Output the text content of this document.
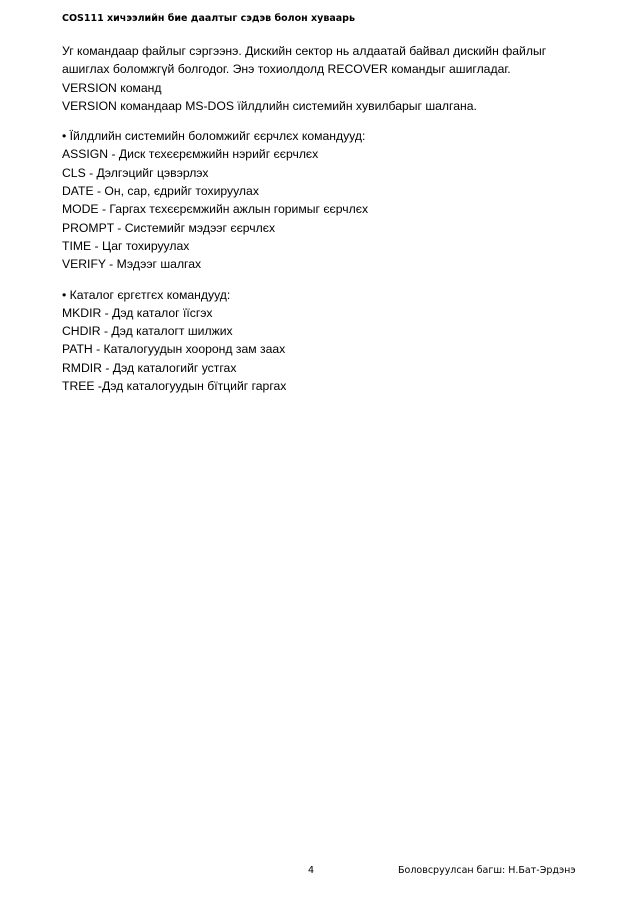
COS111 хичээлийн бие даалтыг сэдэв болон хуваарь
Уг командаар файлыг сэргээнэ. Дискийн сектор нь алдаатай байвал дискийн файлыг
ашиглах боломжгүй болгодог. Энэ тохиолдолд RECOVER командыг ашигладаг.
VERSION команд
VERSION командаар MS-DOS ïйлдлийн системийн хувилбарыг шалгана.
• Ïйлдлийн системийн боломжийг єєрчлєх командууд:
ASSIGN - Диск тєхєєрємжийн нэрийг єєрчлєх
CLS - Дэлгэцийг цэвэрлэх
DATE - Он, сар, єдрийг тохируулах
MODE - Гаргах тєхєєрємжийн ажлын горимыг єєрчлєх
PROMPT - Системийг мэдээг єєрчлєх
TIME - Цаг тохируулах
VERIFY - Мэдээг шалгах
• Каталог єргєтгєх командууд:
MKDIR - Дэд каталог ïїсгэх
CHDIR - Дэд каталогт шилжих
PATH - Каталогуудын хооронд зам заах
RMDIR - Дэд каталогийг устгах
TREE -Дэд каталогуудын бїтцийг гаргах
4	Боловсруулсан багш: Н.Бат-Эрдэнэ
